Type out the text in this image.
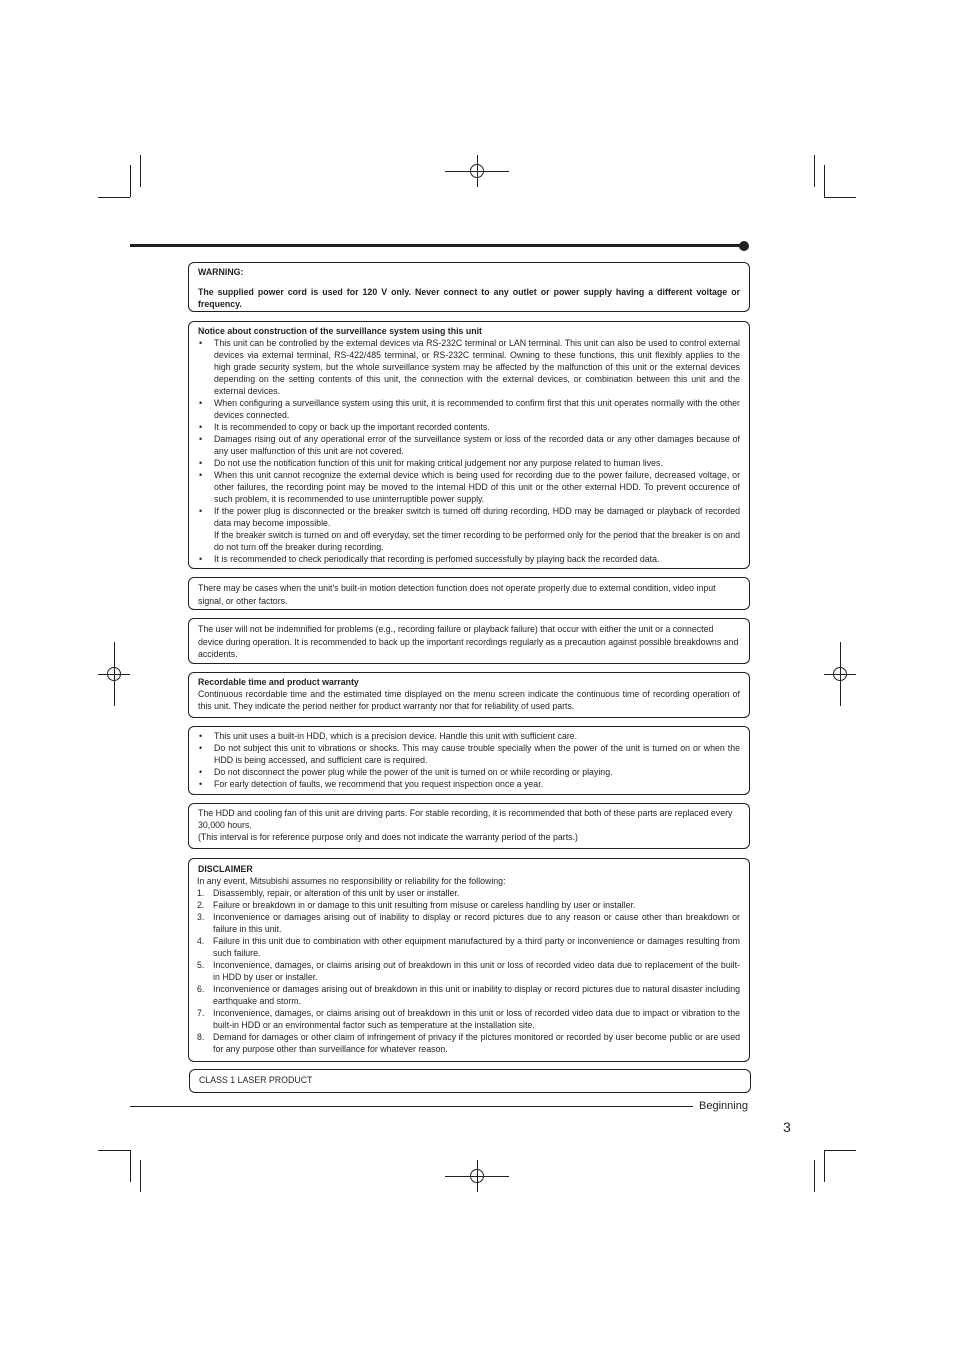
WARNING:

The supplied power cord is used for 120 V only. Never connect to any outlet or power supply having a different voltage or frequency.

Notice about construction of the surveillance system using this unit

• This unit can be controlled by the external devices via RS-232C terminal or LAN terminal. This unit can also be used to control external devices via external terminal, RS-422/485 terminal, or RS-232C terminal. Owning to these functions, this unit flexibly applies to the high grade security system, but the whole surveillance system may be affected by the malfunction of this unit or the external devices depending on the setting contents of this unit, the connection with the external devices, or combination between this unit and the external devices.
• When configuring a surveillance system using this unit, it is recommended to confirm first that this unit operates normally with the other devices connected.
• It is recommended to copy or back up the important recorded contents.
• Damages rising out of any operational error of the surveillance system or loss of the recorded data or any other damages because of any user malfunction of this unit are not covered.
• Do not use the notification function of this unit for making critical judgement nor any purpose related to human lives.
• When this unit cannot recognize the external device which is being used for recording due to the power failure, decreased voltage, or other failures, the recording point may be moved to the internal HDD of this unit or the other external HDD. To prevent occurence of such problem, it is recommended to use uninterruptible power supply.
• If the power plug is disconnected or the breaker switch is turned off during recording, HDD may be damaged or playback of recorded data may become impossible.
If the breaker switch is turned on and off everyday, set the timer recording to be performed only for the period that the breaker is on and do not turn off the breaker during recording.
• It is recommended to check periodically that recording is perfomed successfully by playing back the recorded data.

There may be cases when the unit's built-in motion detection function does not operate properly due to external condition, video input signal, or other factors.

The user will not be indemnified for problems (e.g., recording failure or playback failure) that occur with either the unit or a connected device during operation. It is recommended to back up the important recordings regularly as a precaution against possible breakdowns and accidents.

Recordable time and product warranty

Continuous recordable time and the estimated time displayed on the menu screen indicate the continuous time of recording operation of this unit. They indicate the period neither for product warranty nor that for reliability of used parts.

• This unit uses a built-in HDD, which is a precision device. Handle this unit with sufficient care.
• Do not subject this unit to vibrations or shocks. This may cause trouble specially when the power of the unit is turned on or when the HDD is being accessed, and sufficient care is required.
• Do not disconnect the power plug while the power of the unit is turned on or while recording or playing.
• For early detection of faults, we recommend that you request inspection once a year.

The HDD and cooling fan of this unit are driving parts. For stable recording, it is recommended that both of these parts are replaced every 30,000 hours.

(This interval is for reference purpose only and does not indicate the warranty period of the parts.)

DISCLAIMER

In any event, Mitsubishi assumes no responsibility or reliability for the following:

1. Disassembly, repair, or alteration of this unit by user or installer.
2. Failure or breakdown in or damage to this unit resulting from misuse or careless handling by user or installer.
3. Inconvenience or damages arising out of inability to display or record pictures due to any reason or cause other than breakdown or failure in this unit.
4. Failure in this unit due to combination with other equipment manufactured by a third party or inconvenience or damages resulting from such failure.
5. Inconvenience, damages, or claims arising out of breakdown in this unit or loss of recorded video data due to replacement of the built-in HDD by user or installer.
6. Inconvenience or damages arising out of breakdown in this unit or inability to display or record pictures due to natural disaster including earthquake and storm.
7. Inconvenience, damages, or claims arising out of breakdown in this unit or loss of recorded video data due to impact or vibration to the built-in HDD or an environmental factor such as temperature at the installation site.
8. Demand for damages or other claim of infringement of privacy if the pictures monitored or recorded by user become public or are used for any purpose other than surveillance for whatever reason.

CLASS 1 LASER PRODUCT

Beginning
3
